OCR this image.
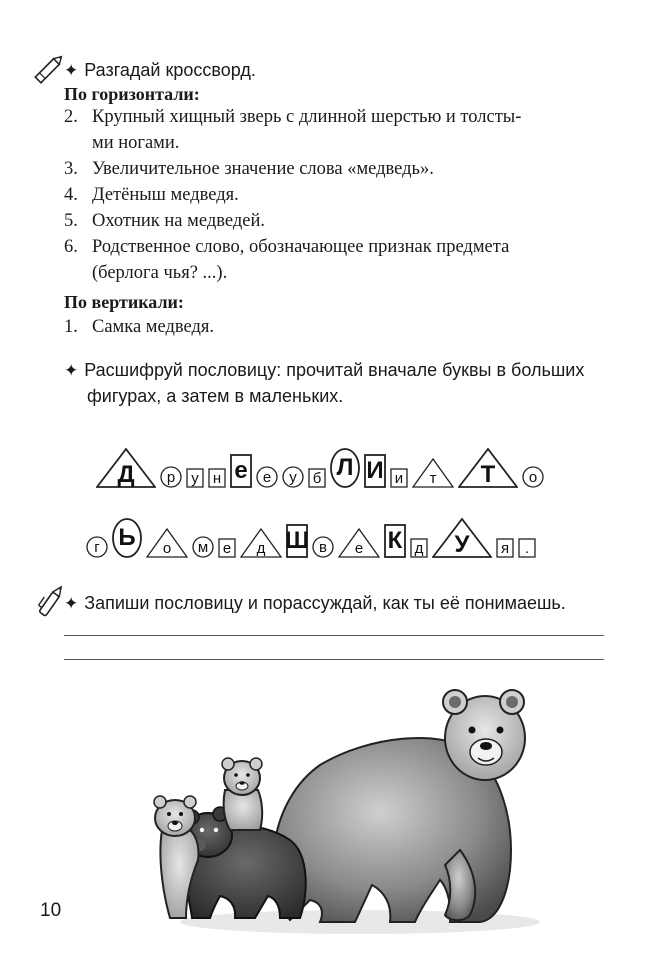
✦ Разгадай кроссворд.
По горизонтали:
2. Крупный хищный зверь с длинной шерстью и толсты-
ми ногами.
3. Увеличительное значение слова «медведь».
4. Детёныш медведя.
5. Охотник на медведей.
6. Родственное слово, обозначающее признак предмета
(берлога чья? ...).
По вертикали:
1. Самка медведя.
✦ Расшифруй пословицу: прочитай вначале буквы в больших
фигурах, а затем в маленьких.
Д р у н е е у б Л И и т Т о
г Ь о м е д Ш в е К д У я .
✦ Запиши пословицу и порассуждай, как ты её понимаешь.
10
